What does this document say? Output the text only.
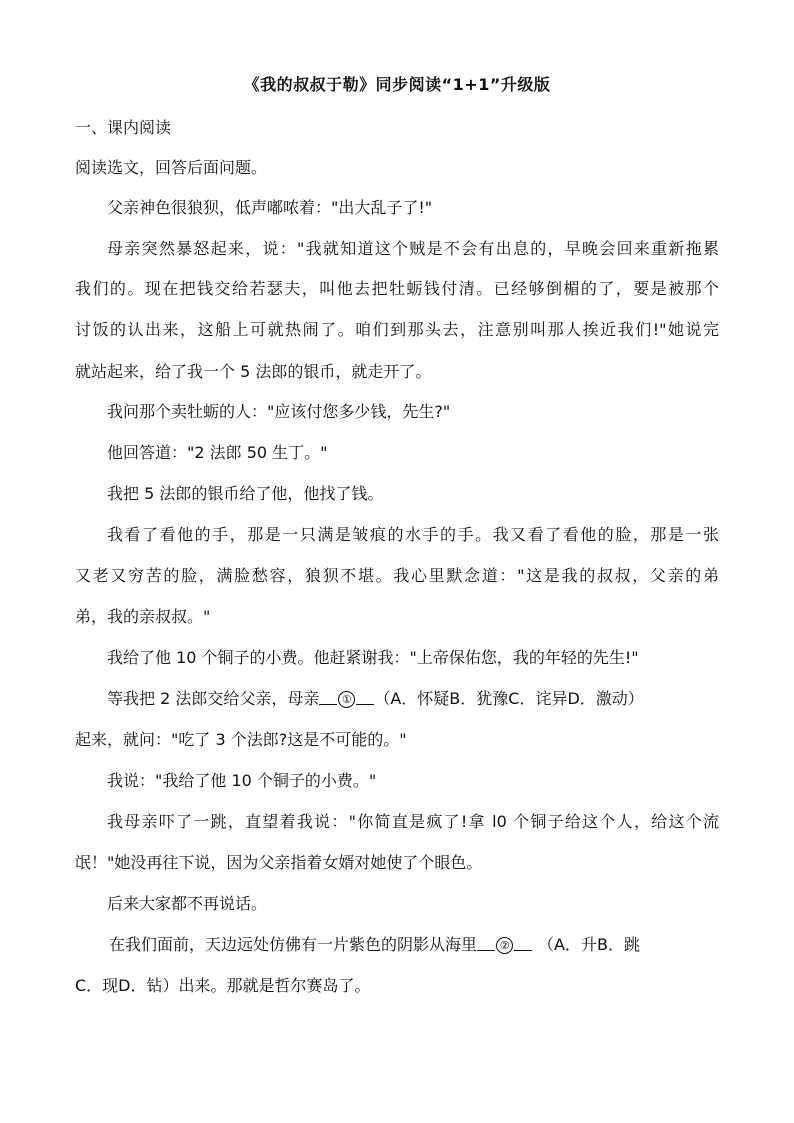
《我的叔叔于勒》同步阅读“1+1”升级版
一、课内阅读
阅读选文，回答后面问题。
父亲神色很狼狈，低声嘟哝着："出大乱子了!"
母亲突然暴怒起来，说："我就知道这个贼是不会有出息的，早晚会回来重新拖累
我们的。现在把钱交给若瑟夫，叫他去把牡蛎钱付清。已经够倒楣的了，要是被那个
讨饭的认出来，这船上可就热闹了。咱们到那头去，注意别叫那人挨近我们!"她说完
就站起来，给了我一个 5 法郎的银币，就走开了。
我问那个卖牡蛎的人："应该付您多少钱，先生?"
他回答道："2 法郎 50 生丁。"
我把 5 法郎的银币给了他，他找了钱。
我看了看他的手，那是一只满是皱痕的水手的手。我又看了看他的脸，那是一张
又老又穷苦的脸，满脸愁容，狼狈不堪。我心里默念道："这是我的叔叔，父亲的弟
弟，我的亲叔叔。"
我给了他 10 个铜子的小费。他赶紧谢我："上帝保佑您，我的年轻的先生!"
等我把 2 法郎交给父亲，母亲 ① （A．怀疑B．犹豫C．诧异D．激动）
起来，就问："吃了 3 个法郎?这是不可能的。"
我说："我给了他 10 个铜子的小费。"
我母亲吓了一跳，直望着我说："你简直是疯了!拿 l0 个铜子给这个人，给这个流
氓！"她没再往下说，因为父亲指着女婿对她使了个眼色。
后来大家都不再说话。
在我们面前，天边远处仿佛有一片紫色的阴影从海里 ② （A．升B．跳
C．现D．钻）出来。那就是哲尔赛岛了。
